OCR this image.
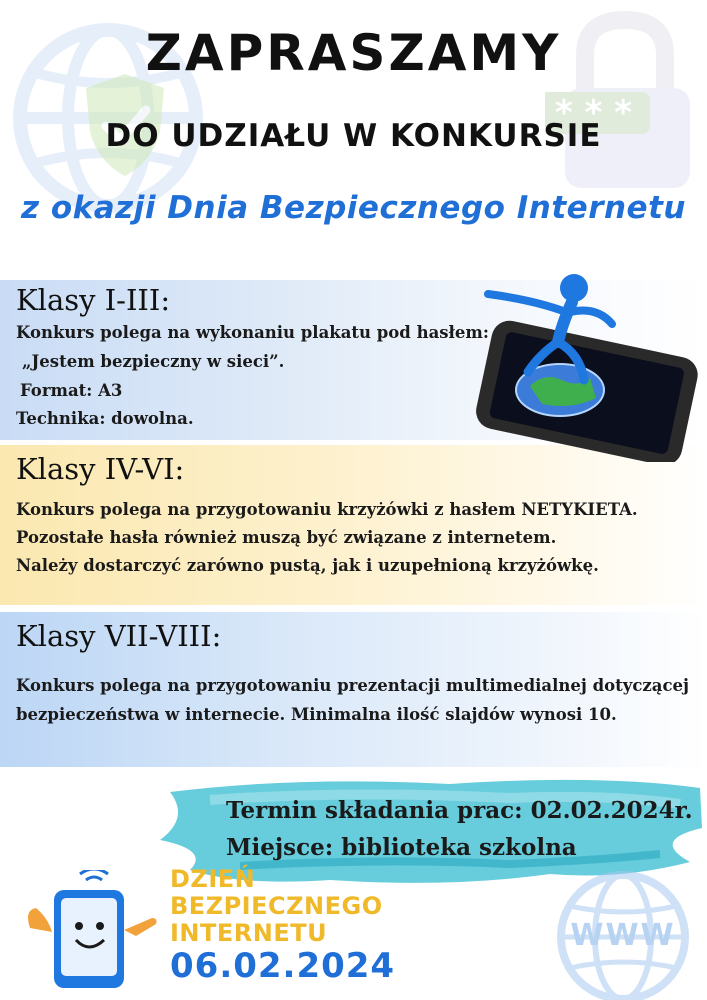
* * *
ZAPRASZAMY
DO UDZIAŁU W KONKURSIE
z okazji Dnia Bezpiecznego Internetu
Klasy I-III:
Konkurs polega na wykonaniu plakatu pod hasłem:
„Jestem bezpieczny w sieci”.
Format: A3
Technika: dowolna.
Klasy IV-VI:
Konkurs polega na przygotowaniu krzyżówki z hasłem NETYKIETA.
Pozostałe hasła również muszą być związane z internetem.
Należy dostarczyć zarówno pustą, jak i uzupełnioną krzyżówkę.
Klasy VII-VIII:
Konkurs polega na przygotowaniu prezentacji multimedialnej dotyczącej
bezpieczeństwa w internecie. Minimalna ilość slajdów wynosi 10.
Termin składania prac: 02.02.2024r.
Miejsce: biblioteka szkolna
DZIEŃ
BEZPIECZNEGO
INTERNETU
06.02.2024
WWW
